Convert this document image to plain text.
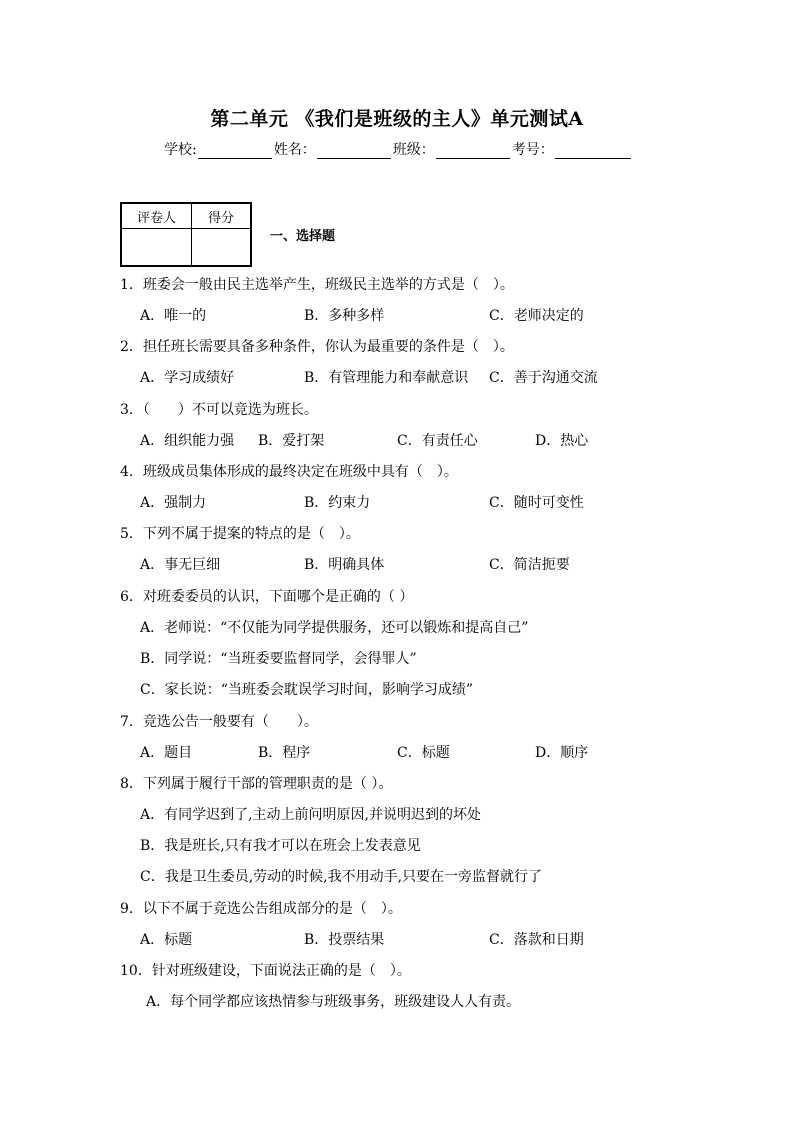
第二单元 《我们是班级的主人》单元测试A
学校:	姓名：	班级：	考号：
评卷人	得分

一、选择题
1．班委会一般由民主选举产生，班级民主选举的方式是（　）。
A．唯一的	B．多种多样	C．老师决定的
2．担任班长需要具备多种条件，你认为最重要的条件是（　）。
A．学习成绩好	B．有管理能力和奉献意识 C．善于沟通交流
3．（　　）不可以竞选为班长。
A．组织能力强 B．爱打架	C．有责任心	D．热心
4．班级成员集体形成的最终决定在班级中具有（　）。
A．强制力	B．约束力	C．随时可变性
5．下列不属于提案的特点的是（　）。
A．事无巨细	B．明确具体	C．简洁扼要
6．对班委委员的认识，下面哪个是正确的（ ）
A．老师说：“不仅能为同学提供服务，还可以锻炼和提高自己”
B．同学说：“当班委要监督同学，会得罪人”
C．家长说：“当班委会耽误学习时间，影响学习成绩”
7．竞选公告一般要有（　　）。
A．题目	B．程序	C．标题	D．顺序
8．下列属于履行干部的管理职责的是（ ）。
A．有同学迟到了,主动上前问明原因,并说明迟到的坏处
B．我是班长,只有我才可以在班会上发表意见
C．我是卫生委员,劳动的时候,我不用动手,只要在一旁监督就行了
9．以下不属于竞选公告组成部分的是（　）。
A．标题	B．投票结果	C．落款和日期
10．针对班级建设，下面说法正确的是（　）。
A．每个同学都应该热情参与班级事务，班级建设人人有责。
